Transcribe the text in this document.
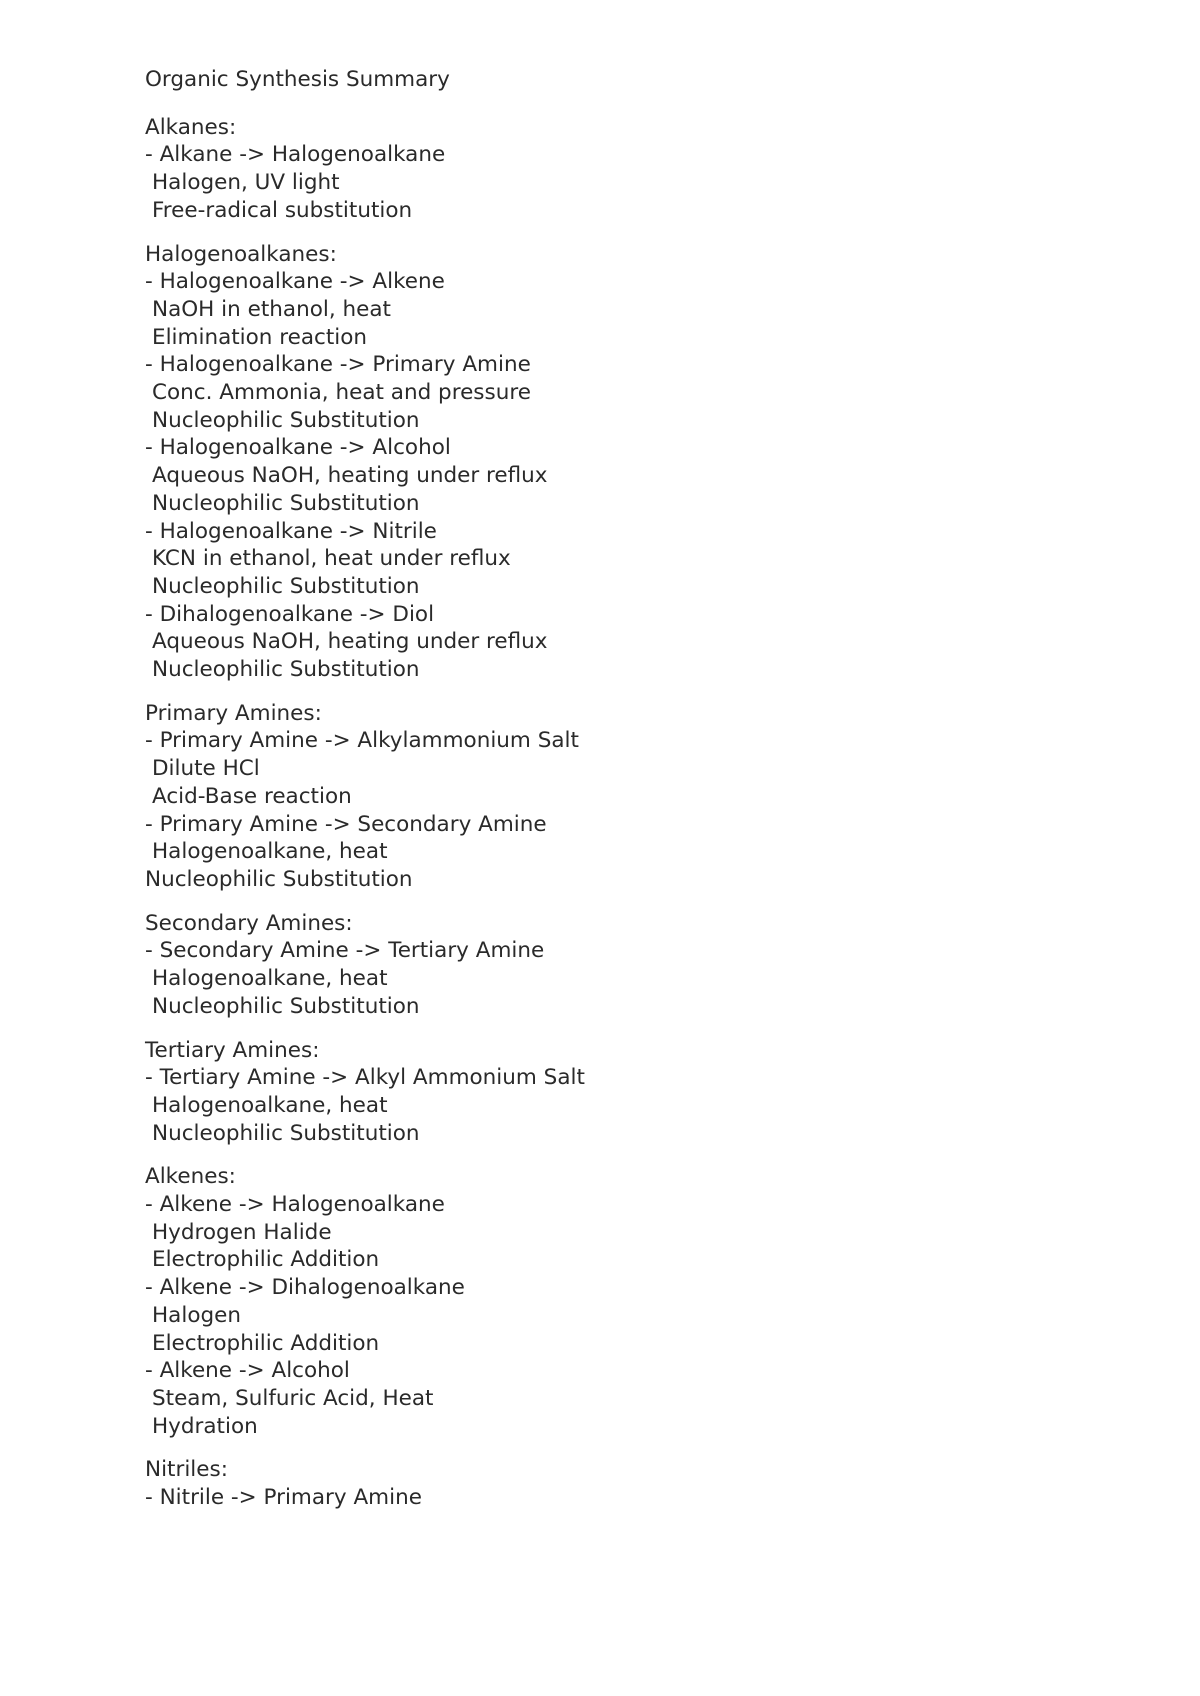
Organic Synthesis Summary
Alkanes:
- Alkane -> Halogenoalkane
Halogen, UV light
Free-radical substitution
Halogenoalkanes:
- Halogenoalkane -> Alkene
NaOH in ethanol, heat
Elimination reaction
- Halogenoalkane -> Primary Amine
Conc. Ammonia, heat and pressure
Nucleophilic Substitution
- Halogenoalkane -> Alcohol
Aqueous NaOH, heating under reflux
Nucleophilic Substitution
- Halogenoalkane -> Nitrile
KCN in ethanol, heat under reflux
Nucleophilic Substitution
- Dihalogenoalkane -> Diol
Aqueous NaOH, heating under reflux
Nucleophilic Substitution
Primary Amines:
- Primary Amine -> Alkylammonium Salt
Dilute HCl
Acid-Base reaction
- Primary Amine -> Secondary Amine
Halogenoalkane, heat
Nucleophilic Substitution
Secondary Amines:
- Secondary Amine -> Tertiary Amine
Halogenoalkane, heat
Nucleophilic Substitution
Tertiary Amines:
- Tertiary Amine -> Alkyl Ammonium Salt
Halogenoalkane, heat
Nucleophilic Substitution
Alkenes:
- Alkene -> Halogenoalkane
Hydrogen Halide
Electrophilic Addition
- Alkene -> Dihalogenoalkane
Halogen
Electrophilic Addition
- Alkene -> Alcohol
Steam, Sulfuric Acid, Heat
Hydration
Nitriles:
- Nitrile -> Primary Amine
